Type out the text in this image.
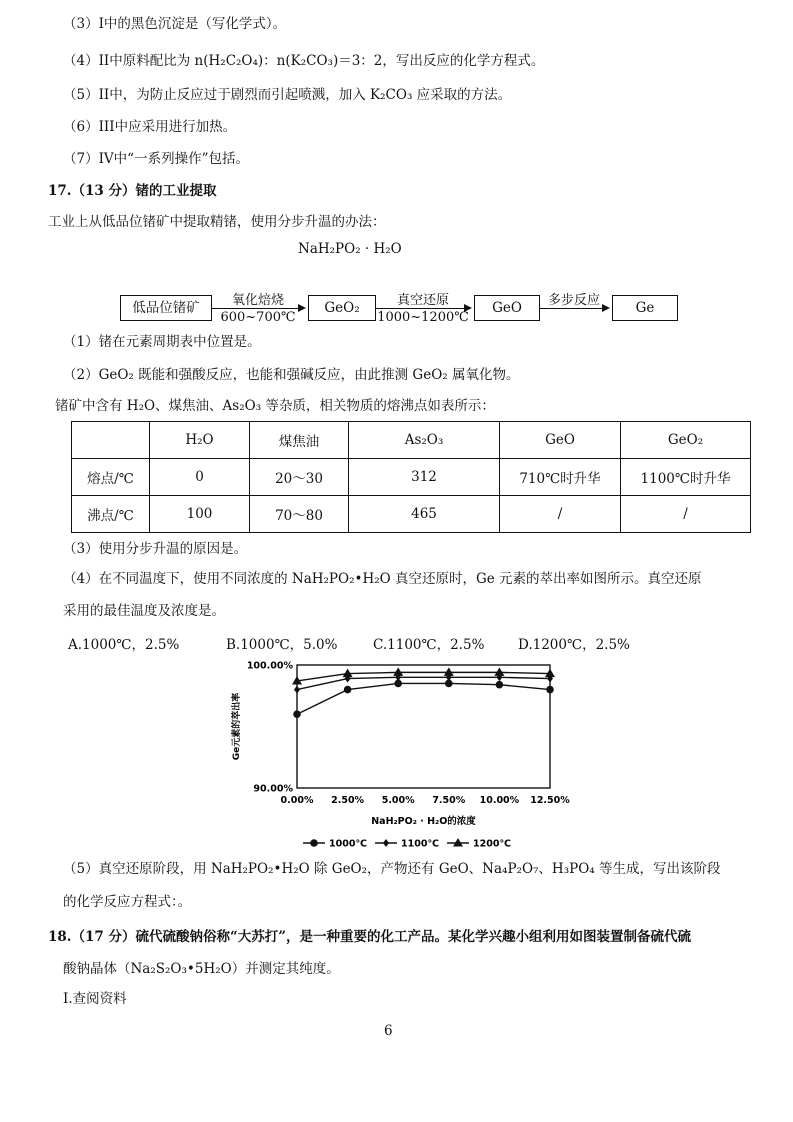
（3）I中的黑色沉淀是（写化学式）。
（4）II中原料配比为 n(H₂C₂O₄)：n(K₂CO₃)＝3：2，写出反应的化学方程式。
（5）II中，为防止反应过于剧烈而引起喷溅，加入 K₂CO₃ 应采取的方法。
（6）III中应采用进行加热。
（7）IV中“一系列操作”包括。
17.（13 分）锗的工业提取
工业上从低品位锗矿中提取精锗，使用分步升温的办法：
NaH₂PO₂ · H₂O
低品位锗矿	氧化焙烧
600~700℃
GeO₂	真空还原
1000~1200℃
GeO	多步反应	Ge
（1）锗在元素周期表中位置是。
（2）GeO₂ 既能和强酸反应，也能和强碱反应，由此推测 GeO₂ 属氧化物。
锗矿中含有 H₂O、煤焦油、As₂O₃ 等杂质，相关物质的熔沸点如表所示：
	H₂O	煤焦油	As₂O₃	GeO	GeO₂
熔点/℃	0	20～30	312	710℃时升华	1100℃时升华
沸点/℃	100	70～80	465	/	/
（3）使用分步升温的原因是。
（4）在不同温度下，使用不同浓度的 NaH₂PO₂•H₂O 真空还原时，Ge 元素的萃出率如图所示。真空还原
采用的最佳温度及浓度是。
A.1000℃，2.5%	B.1000℃，5.0%	C.1100℃，2.5% D.1200℃，2.5%
90.00%
100.00%
0.00% 2.50% 5.00% 7.50% 10.00% 12.50%
Ge元素的萃出率
NaH₂PO₂ · H₂O的浓度
1000℃	1100℃	1200℃
（5）真空还原阶段，用 NaH₂PO₂•H₂O 除 GeO₂，产物还有 GeO、Na₄P₂O₇、H₃PO₄ 等生成，写出该阶段
的化学反应方程式：。
18.（17 分）硫代硫酸钠俗称“大苏打”，是一种重要的化工产品。某化学兴趣小组利用如图装置制备硫代硫
酸钠晶体（Na₂S₂O₃•5H₂O）并测定其纯度。
I.查阅资料
6
